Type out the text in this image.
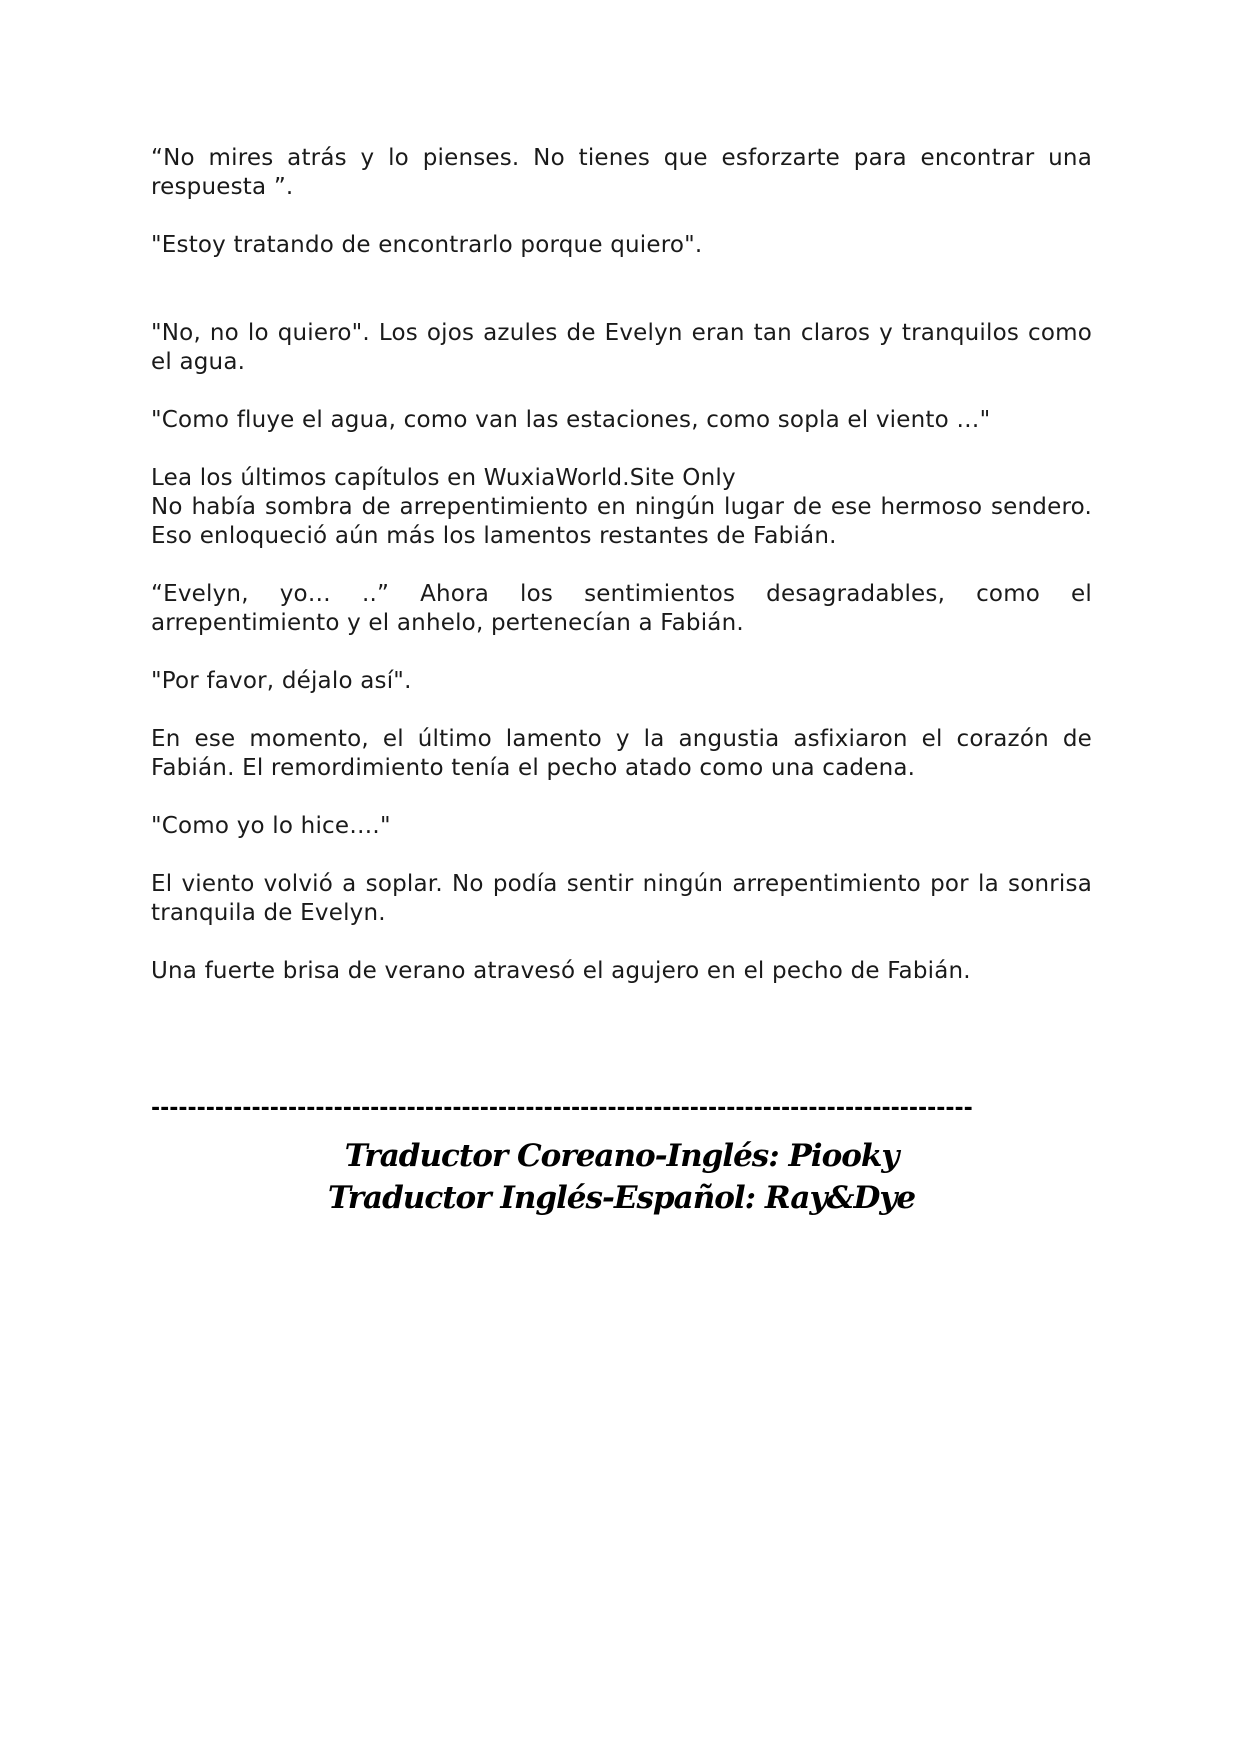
“No mires atrás y lo pienses. No tienes que esforzarte para encontrar una respuesta ”.

"Estoy tratando de encontrarlo porque quiero".

"No, no lo quiero". Los ojos azules de Evelyn eran tan claros y tranquilos como el agua.

"Como fluye el agua, como van las estaciones, como sopla el viento …"

Lea los últimos capítulos en WuxiaWorld.Site Only

No había sombra de arrepentimiento en ningún lugar de ese hermoso sendero. Eso enloqueció aún más los lamentos restantes de Fabián.

“Evelyn, yo… ..” Ahora los sentimientos desagradables, como el arrepentimiento y el anhelo, pertenecían a Fabián.

"Por favor, déjalo así".

En ese momento, el último lamento y la angustia asfixiaron el corazón de Fabián. El remordimiento tenía el pecho atado como una cadena.

"Como yo lo hice…."

El viento volvió a soplar. No podía sentir ningún arrepentimiento por la sonrisa tranquila de Evelyn.

Una fuerte brisa de verano atravesó el agujero en el pecho de Fabián.

------------------------------------------------------------------------------------------
Traductor Coreano-Inglés: Piooky
Traductor Inglés-Español: Ray&Dye
